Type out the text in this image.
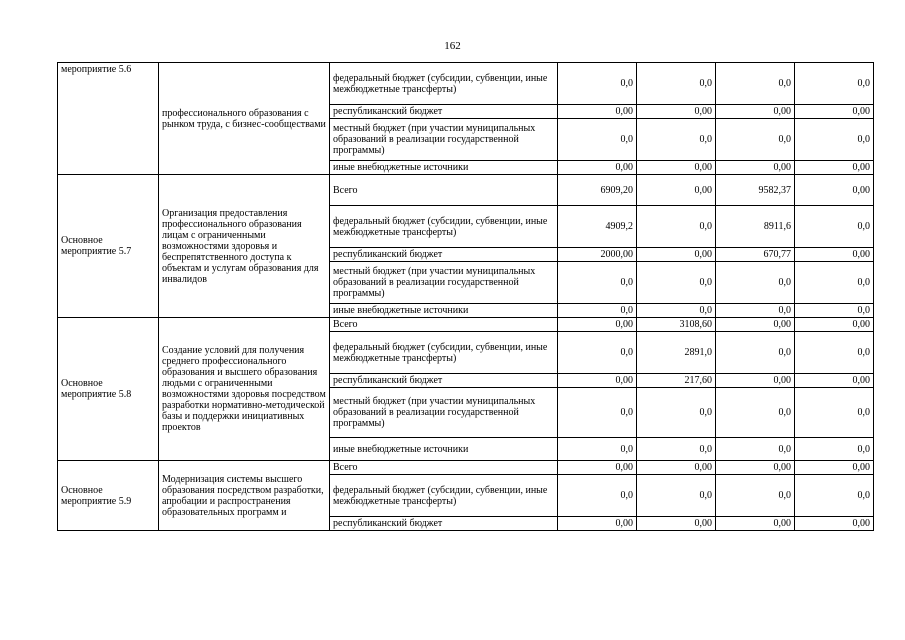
162
мероприятие 5.6	профессионального образования с рынком труда, с бизнес-сообществами	федеральный бюджет (субсидии, субвенции, иные межбюджетные трансферты)	0,0	0,0	0,0	0,0
		республиканский бюджет	0,00	0,00	0,00	0,00
		местный бюджет (при участии муниципальных образований в реализации государственной программы)	0,0	0,0	0,0	0,0
		иные внебюджетные источники	0,00	0,00	0,00	0,00
Основное мероприятие 5.7	Организация предоставления профессионального образования лицам с ограниченными возможностями здоровья и беспрепятственного доступа к объектам и услугам образования для инвалидов	Всего	6909,20	0,00	9582,37	0,00
		федеральный бюджет (субсидии, субвенции, иные межбюджетные трансферты)	4909,2	0,0	8911,6	0,0
		республиканский бюджет	2000,00	0,00	670,77	0,00
		местный бюджет (при участии муниципальных образований в реализации государственной программы)	0,0	0,0	0,0	0,0
		иные внебюджетные источники	0,0	0,0	0,0	0,0
Основное мероприятие 5.8	Создание условий для получения среднего профессионального образования и высшего образования людьми с ограниченными возможностями здоровья посредством разработки нормативно-методической базы и поддержки инициативных проектов	Всего	0,00	3108,60	0,00	0,00
		федеральный бюджет (субсидии, субвенции, иные межбюджетные трансферты)	0,0	2891,0	0,0	0,0
		республиканский бюджет	0,00	217,60	0,00	0,00
		местный бюджет (при участии муниципальных образований в реализации государственной программы)	0,0	0,0	0,0	0,0
		иные внебюджетные источники	0,0	0,0	0,0	0,0
Основное мероприятие 5.9	Модернизация системы высшего образования посредством разработки, апробации и распространения образовательных программ и	Всего	0,00	0,00	0,00	0,00
		федеральный бюджет (субсидии, субвенции, иные межбюджетные трансферты)	0,0	0,0	0,0	0,0
		республиканский бюджет	0,00	0,00	0,00	0,00
